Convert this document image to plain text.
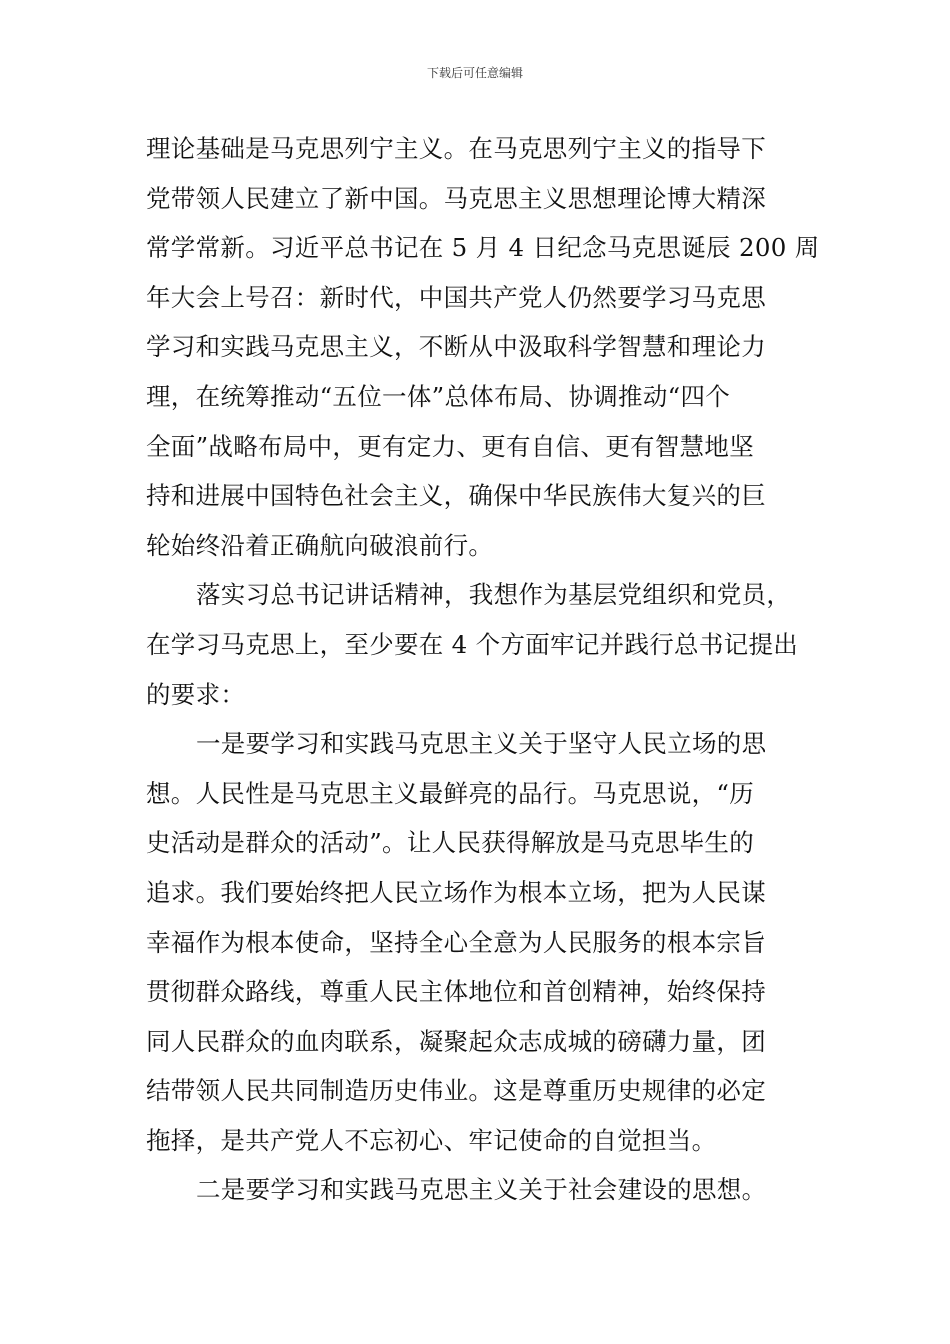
下载后可任意编辑
理论基础是马克思列宁主义。在马克思列宁主义的指导下
党带领人民建立了新中国。马克思主义思想理论博大精深
常学常新。习近平总书记在 5 月 4 日纪念马克思诞辰 200 周
年大会上号召：新时代，中国共产党人仍然要学习马克思
学习和实践马克思主义，不断从中汲取科学智慧和理论力
理，在统筹推动“五位一体”总体布局、协调推动“四个
全面”战略布局中，更有定力、更有自信、更有智慧地坚
持和进展中国特色社会主义，确保中华民族伟大复兴的巨
轮始终沿着正确航向破浪前行。
落实习总书记讲话精神，我想作为基层党组织和党员，
在学习马克思上，至少要在 4 个方面牢记并践行总书记提出
的要求：
一是要学习和实践马克思主义关于坚守人民立场的思
想。人民性是马克思主义最鲜亮的品行。马克思说，“历
史活动是群众的活动”。让人民获得解放是马克思毕生的
追求。我们要始终把人民立场作为根本立场，把为人民谋
幸福作为根本使命，坚持全心全意为人民服务的根本宗旨
贯彻群众路线，尊重人民主体地位和首创精神，始终保持
同人民群众的血肉联系，凝聚起众志成城的磅礴力量，团
结带领人民共同制造历史伟业。这是尊重历史规律的必定
拖择，是共产党人不忘初心、牢记使命的自觉担当。
二是要学习和实践马克思主义关于社会建设的思想。
